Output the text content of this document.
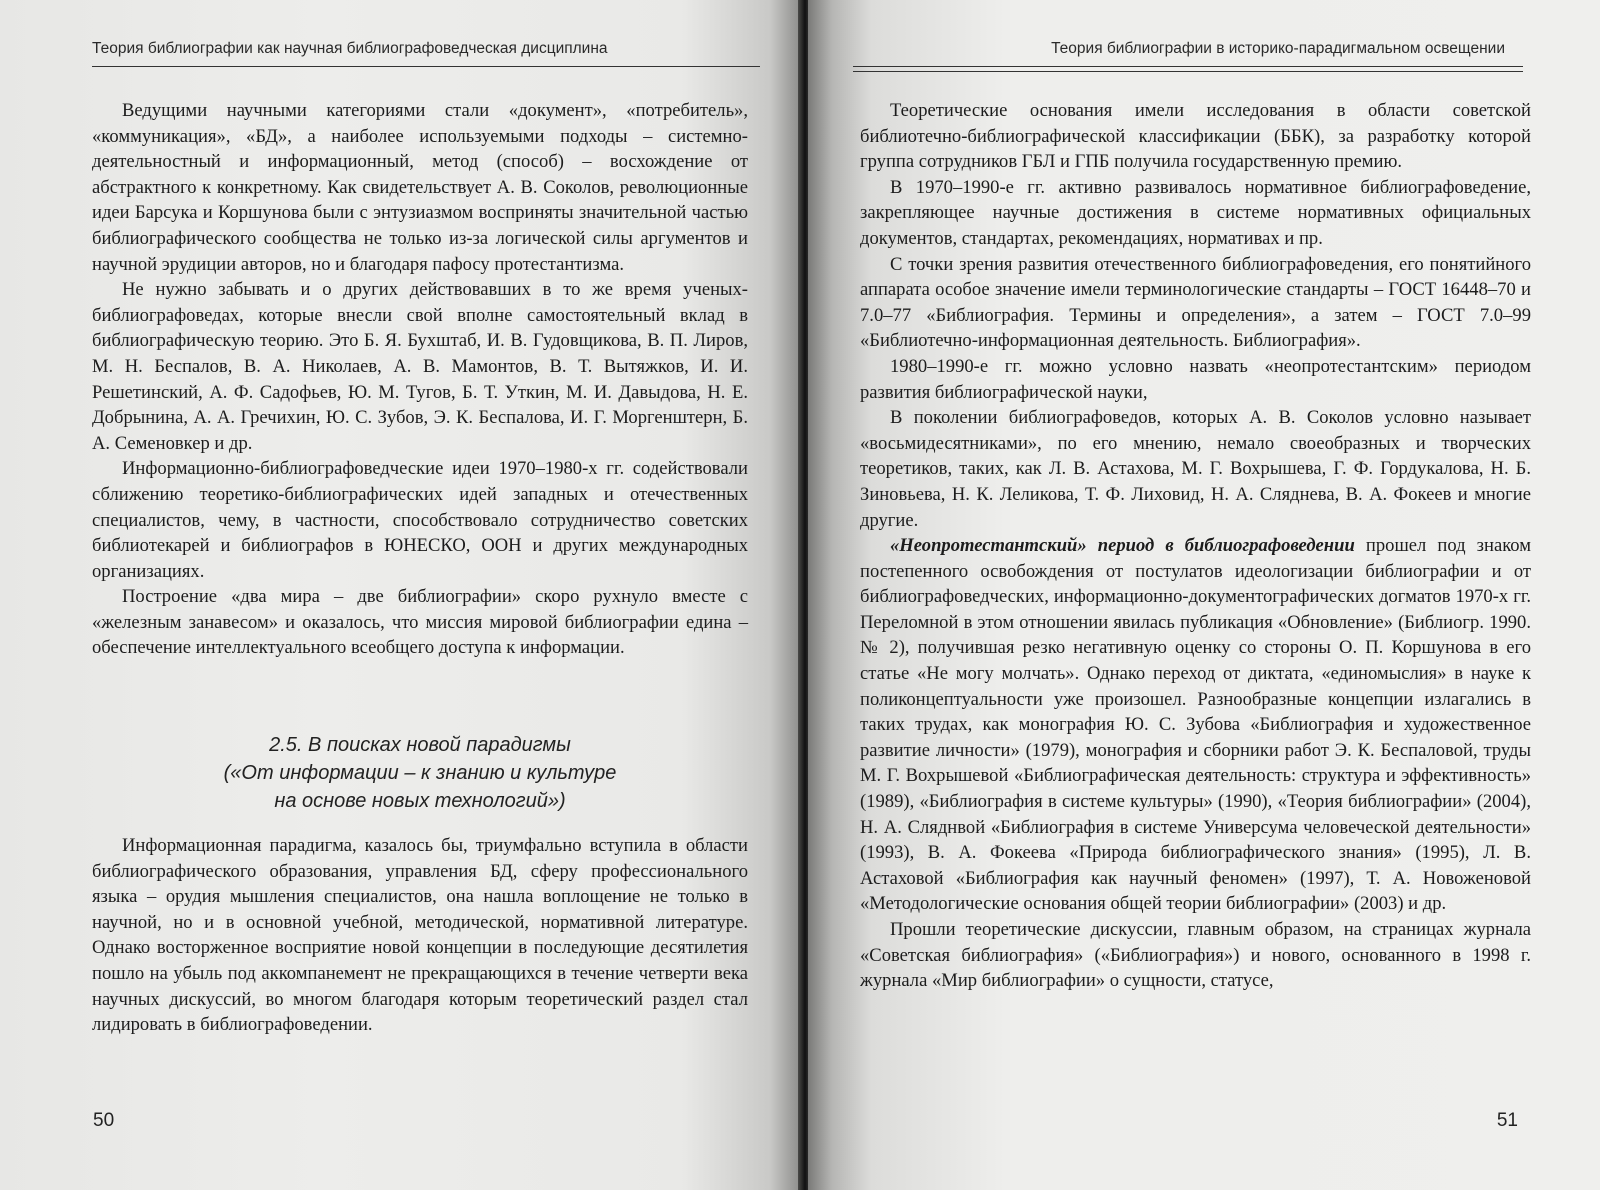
Теория библиографии как научная библиографоведческая дисциплина

Ведущими научными категориями стали «документ», «потребитель», «коммуникация», «БД», а наиболее используемыми подходы – системно-деятельностный и информационный, метод (способ) – восхождение от абстрактного к конкретному. Как свидетельствует А. В. Соколов, революционные идеи Барсука и Коршунова были с энтузиазмом восприняты значительной частью библиографического сообщества не только из-за логической силы аргументов и научной эрудиции авторов, но и благодаря пафосу протестантизма.

Не нужно забывать и о других действовавших в то же время ученых-библиографоведах, которые внесли свой вполне самостоятельный вклад в библиографическую теорию. Это Б. Я. Бухштаб, И. В. Гудовщикова, В. П. Лиров, М. Н. Беспалов, В. А. Николаев, А. В. Мамонтов, В. Т. Вытяжков, И. И. Решетинский, А. Ф. Садофьев, Ю. М. Тугов, Б. Т. Уткин, М. И. Давыдова, Н. Е. Добрынина, А. А. Гречихин, Ю. С. Зубов, Э. К. Беспалова, И. Г. Моргенштерн, Б. А. Семеновкер и др.

Информационно-библиографоведческие идеи 1970–1980-х гг. содействовали сближению теоретико-библиографических идей западных и отечественных специалистов, чему, в частности, способствовало сотрудничество советских библиотекарей и библиографов в ЮНЕСКО, ООН и других международных организациях.

Построение «два мира – две библиографии» скоро рухнуло вместе с «железным занавесом» и оказалось, что миссия мировой библиографии едина – обеспечение интеллектуального всеобщего доступа к информации.

2.5. В поисках новой парадигмы
(«От информации – к знанию и культуре
на основе новых технологий»)

Информационная парадигма, казалось бы, триумфально вступила в области библиографического образования, управления БД, сферу профессионального языка – орудия мышления специалистов, она нашла воплощение не только в научной, но и в основной учебной, методической, нормативной литературе. Однако восторженное восприятие новой концепции в последующие десятилетия пошло на убыль под аккомпанемент не прекращающихся в течение четверти века научных дискуссий, во многом благодаря которым теоретический раздел стал лидировать в библиографоведении.

50
Теория библиографии в историко-парадигмальном освещении

Теоретические основания имели исследования в области советской библиотечно-библиографической классификации (ББК), за разработку которой группа сотрудников ГБЛ и ГПБ получила государственную премию.

В 1970–1990-е гг. активно развивалось нормативное библиографоведение, закрепляющее научные достижения в системе нормативных официальных документов, стандартах, рекомендациях, нормативах и пр.

С точки зрения развития отечественного библиографоведения, его понятийного аппарата особое значение имели терминологические стандарты – ГОСТ 16448–70 и 7.0–77 «Библиография. Термины и определения», а затем – ГОСТ 7.0–99 «Библиотечно-информационная деятельность. Библиография».

1980–1990-е гг. можно условно назвать «неопротестантским» периодом развития библиографической науки,

В поколении библиографоведов, которых А. В. Соколов условно называет «восьмидесятниками», по его мнению, немало своеобразных и творческих теоретиков, таких, как Л. В. Астахова, М. Г. Вохрышева, Г. Ф. Гордукалова, Н. Б. Зиновьева, Н. К. Леликова, Т. Ф. Лиховид, Н. А. Сляднева, В. А. Фокеев и многие другие.

«Неопротестантский» период в библиографоведении прошел под знаком постепенного освобождения от постулатов идеологизации библиографии и от библиографоведческих, информационно-документографических догматов 1970-х гг. Переломной в этом отношении явилась публикация «Обновление» (Библиогр. 1990. № 2), получившая резко негативную оценку со стороны О. П. Коршунова в его статье «Не могу молчать». Однако переход от диктата, «единомыслия» в науке к поликонцептуальности уже произошел. Разнообразные концепции излагались в таких трудах, как монография Ю. С. Зубова «Библиография и художественное развитие личности» (1979), монография и сборники работ Э. К. Беспаловой, труды М. Г. Вохрышевой «Библиографическая деятельность: структура и эффективность» (1989), «Библиография в системе культуры» (1990), «Теория библиографии» (2004), Н. А. Сляднвой «Библиография в системе Универсума человеческой деятельности» (1993), В. А. Фокеева «Природа библиографического знания» (1995), Л. В. Астаховой «Библиография как научный феномен» (1997), Т. А. Новоженовой «Методологические основания общей теории библиографии» (2003) и др.

Прошли теоретические дискуссии, главным образом, на страницах журнала «Советская библиография» («Библиография») и нового, основанного в 1998 г. журнала «Мир библиографии» о сущности, статусе,

51
